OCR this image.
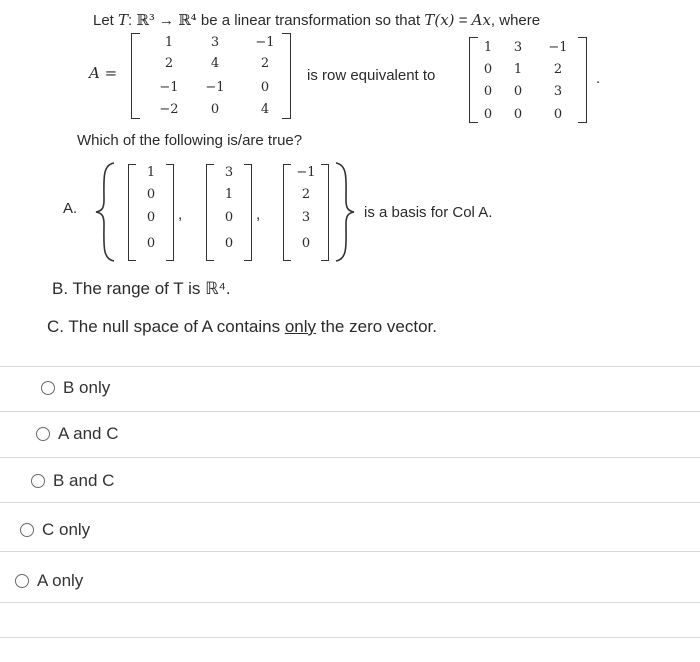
Let T: ℝ³ → ℝ⁴ be a linear transformation so that T(x) = Ax, where
A =
1	3	−1
2	4	2
−1	−1	0
−2	0	4
is row equivalent to
1	3	−1
0	1	2
0	0	3
0	0	0
.
Which of the following is/are true?
A.
1
0
0
0
3
1
0
0
−1
2
3
0
,	,	is a basis for Col A.
B. The range of T is ℝ⁴.
C. The null space of A contains only the zero vector.
B only
A and C
B and C
C only
A only
